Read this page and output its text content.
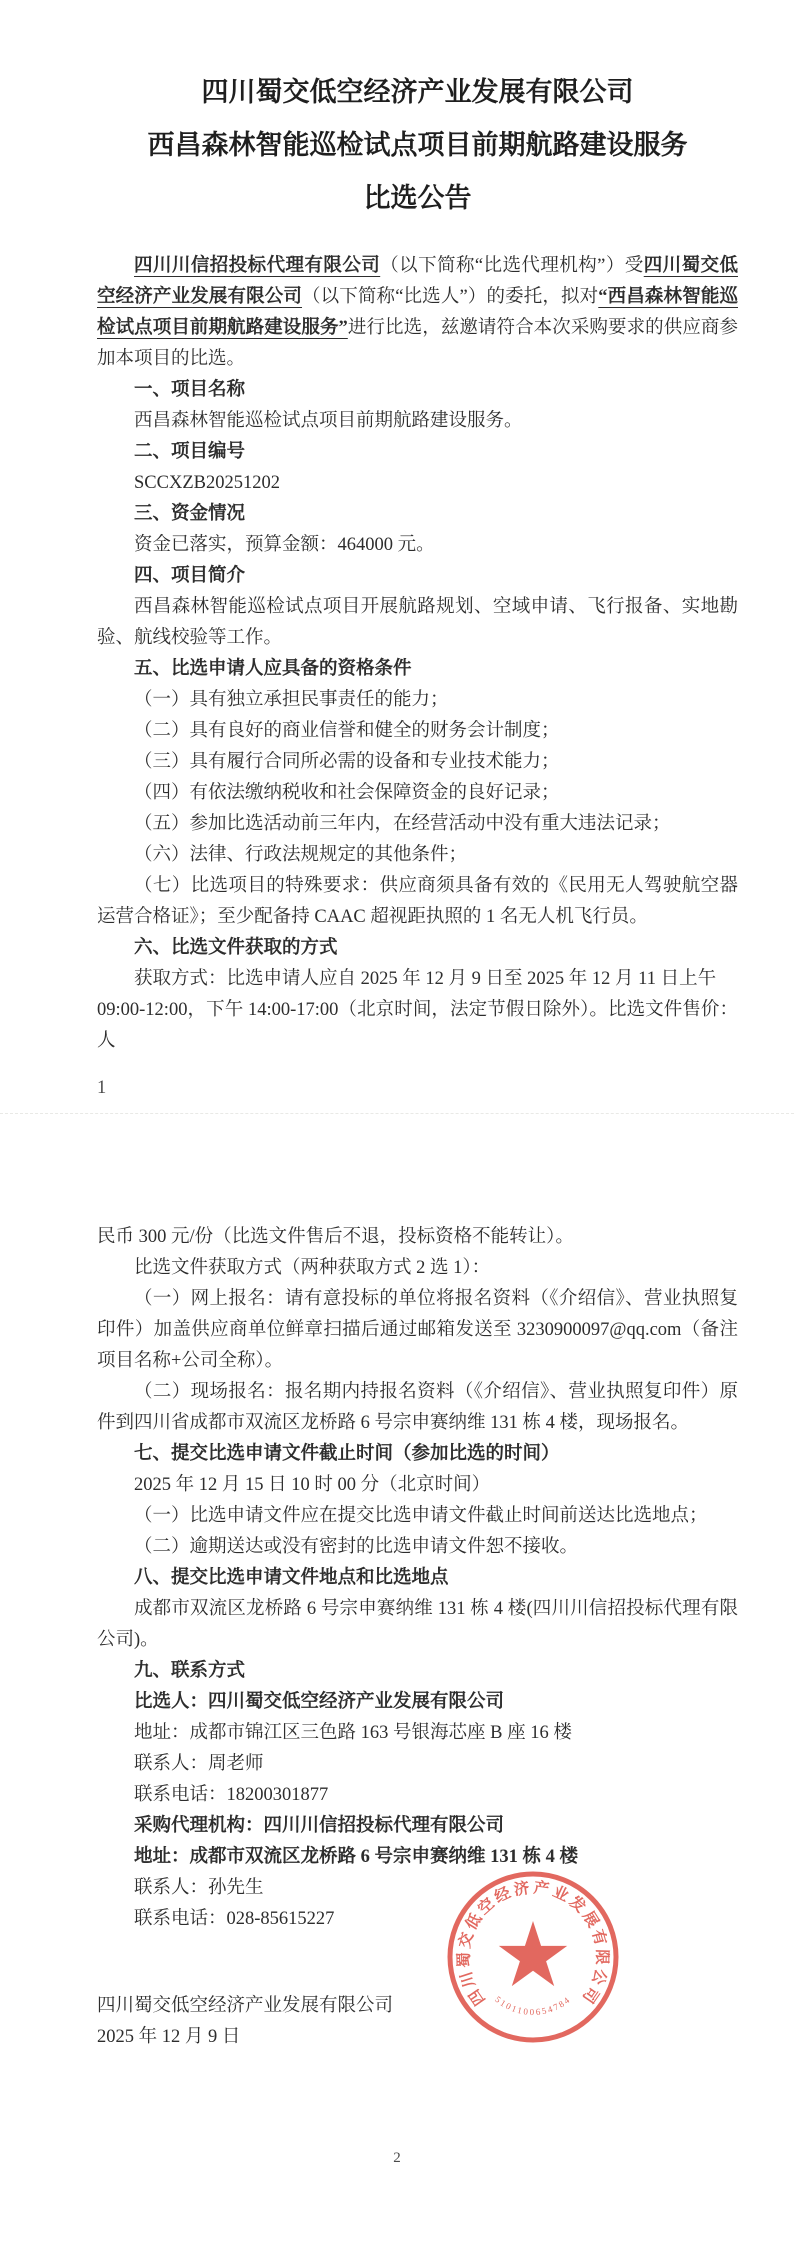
四川蜀交低空经济产业发展有限公司
西昌森林智能巡检试点项目前期航路建设服务
比选公告

四川川信招投标代理有限公司（以下简称“比选代理机构”）受四川蜀交低空经济产业发展有限公司（以下简称“比选人”）的委托，拟对“西昌森林智能巡检试点项目前期航路建设服务”进行比选，兹邀请符合本次采购要求的供应商参加本项目的比选。

一、项目名称

西昌森林智能巡检试点项目前期航路建设服务。

二、项目编号

SCCXZB20251202

三、资金情况

资金已落实，预算金额：464000 元。

四、项目简介

西昌森林智能巡检试点项目开展航路规划、空域申请、飞行报备、实地勘验、航线校验等工作。

五、比选申请人应具备的资格条件

（一）具有独立承担民事责任的能力；

（二）具有良好的商业信誉和健全的财务会计制度；

（三）具有履行合同所必需的设备和专业技术能力；

（四）有依法缴纳税收和社会保障资金的良好记录；

（五）参加比选活动前三年内，在经营活动中没有重大违法记录；

（六）法律、行政法规规定的其他条件；

（七）比选项目的特殊要求：供应商须具备有效的《民用无人驾驶航空器运营合格证》；至少配备持 CAAC 超视距执照的 1 名无人机飞行员。

六、比选文件获取的方式

获取方式：比选申请人应自 2025 年 12 月 9 日至 2025 年 12 月 11 日上午

09:00-12:00，下午 14:00-17:00（北京时间，法定节假日除外）。比选文件售价：人

1

民币 300 元/份（比选文件售后不退，投标资格不能转让）。

比选文件获取方式（两种获取方式 2 选 1）：

（一）网上报名：请有意投标的单位将报名资料（《介绍信》、营业执照复印件）加盖供应商单位鲜章扫描后通过邮箱发送至 3230900097@qq.com（备注项目名称+公司全称）。

（二）现场报名：报名期内持报名资料（《介绍信》、营业执照复印件）原件到四川省成都市双流区龙桥路 6 号宗申赛纳维 131 栋 4 楼，现场报名。

七、提交比选申请文件截止时间（参加比选的时间）

2025 年 12 月 15 日 10 时 00 分（北京时间）

（一）比选申请文件应在提交比选申请文件截止时间前送达比选地点；

（二）逾期送达或没有密封的比选申请文件恕不接收。

八、提交比选申请文件地点和比选地点

成都市双流区龙桥路 6 号宗申赛纳维 131 栋 4 楼(四川川信招投标代理有限公司)。

九、联系方式

比选人：四川蜀交低空经济产业发展有限公司

地址：成都市锦江区三色路 163 号银海芯座 B 座 16 楼

联系人：周老师

联系电话：18200301877

采购代理机构：四川川信招投标代理有限公司

地址：成都市双流区龙桥路 6 号宗申赛纳维 131 栋 4 楼

联系人：孙先生

联系电话：028-85615227

四川蜀交低空经济产业发展有限公司

2025 年 12 月 9 日

四川蜀交低空经济产业发展有限公司
5101100654784
2
